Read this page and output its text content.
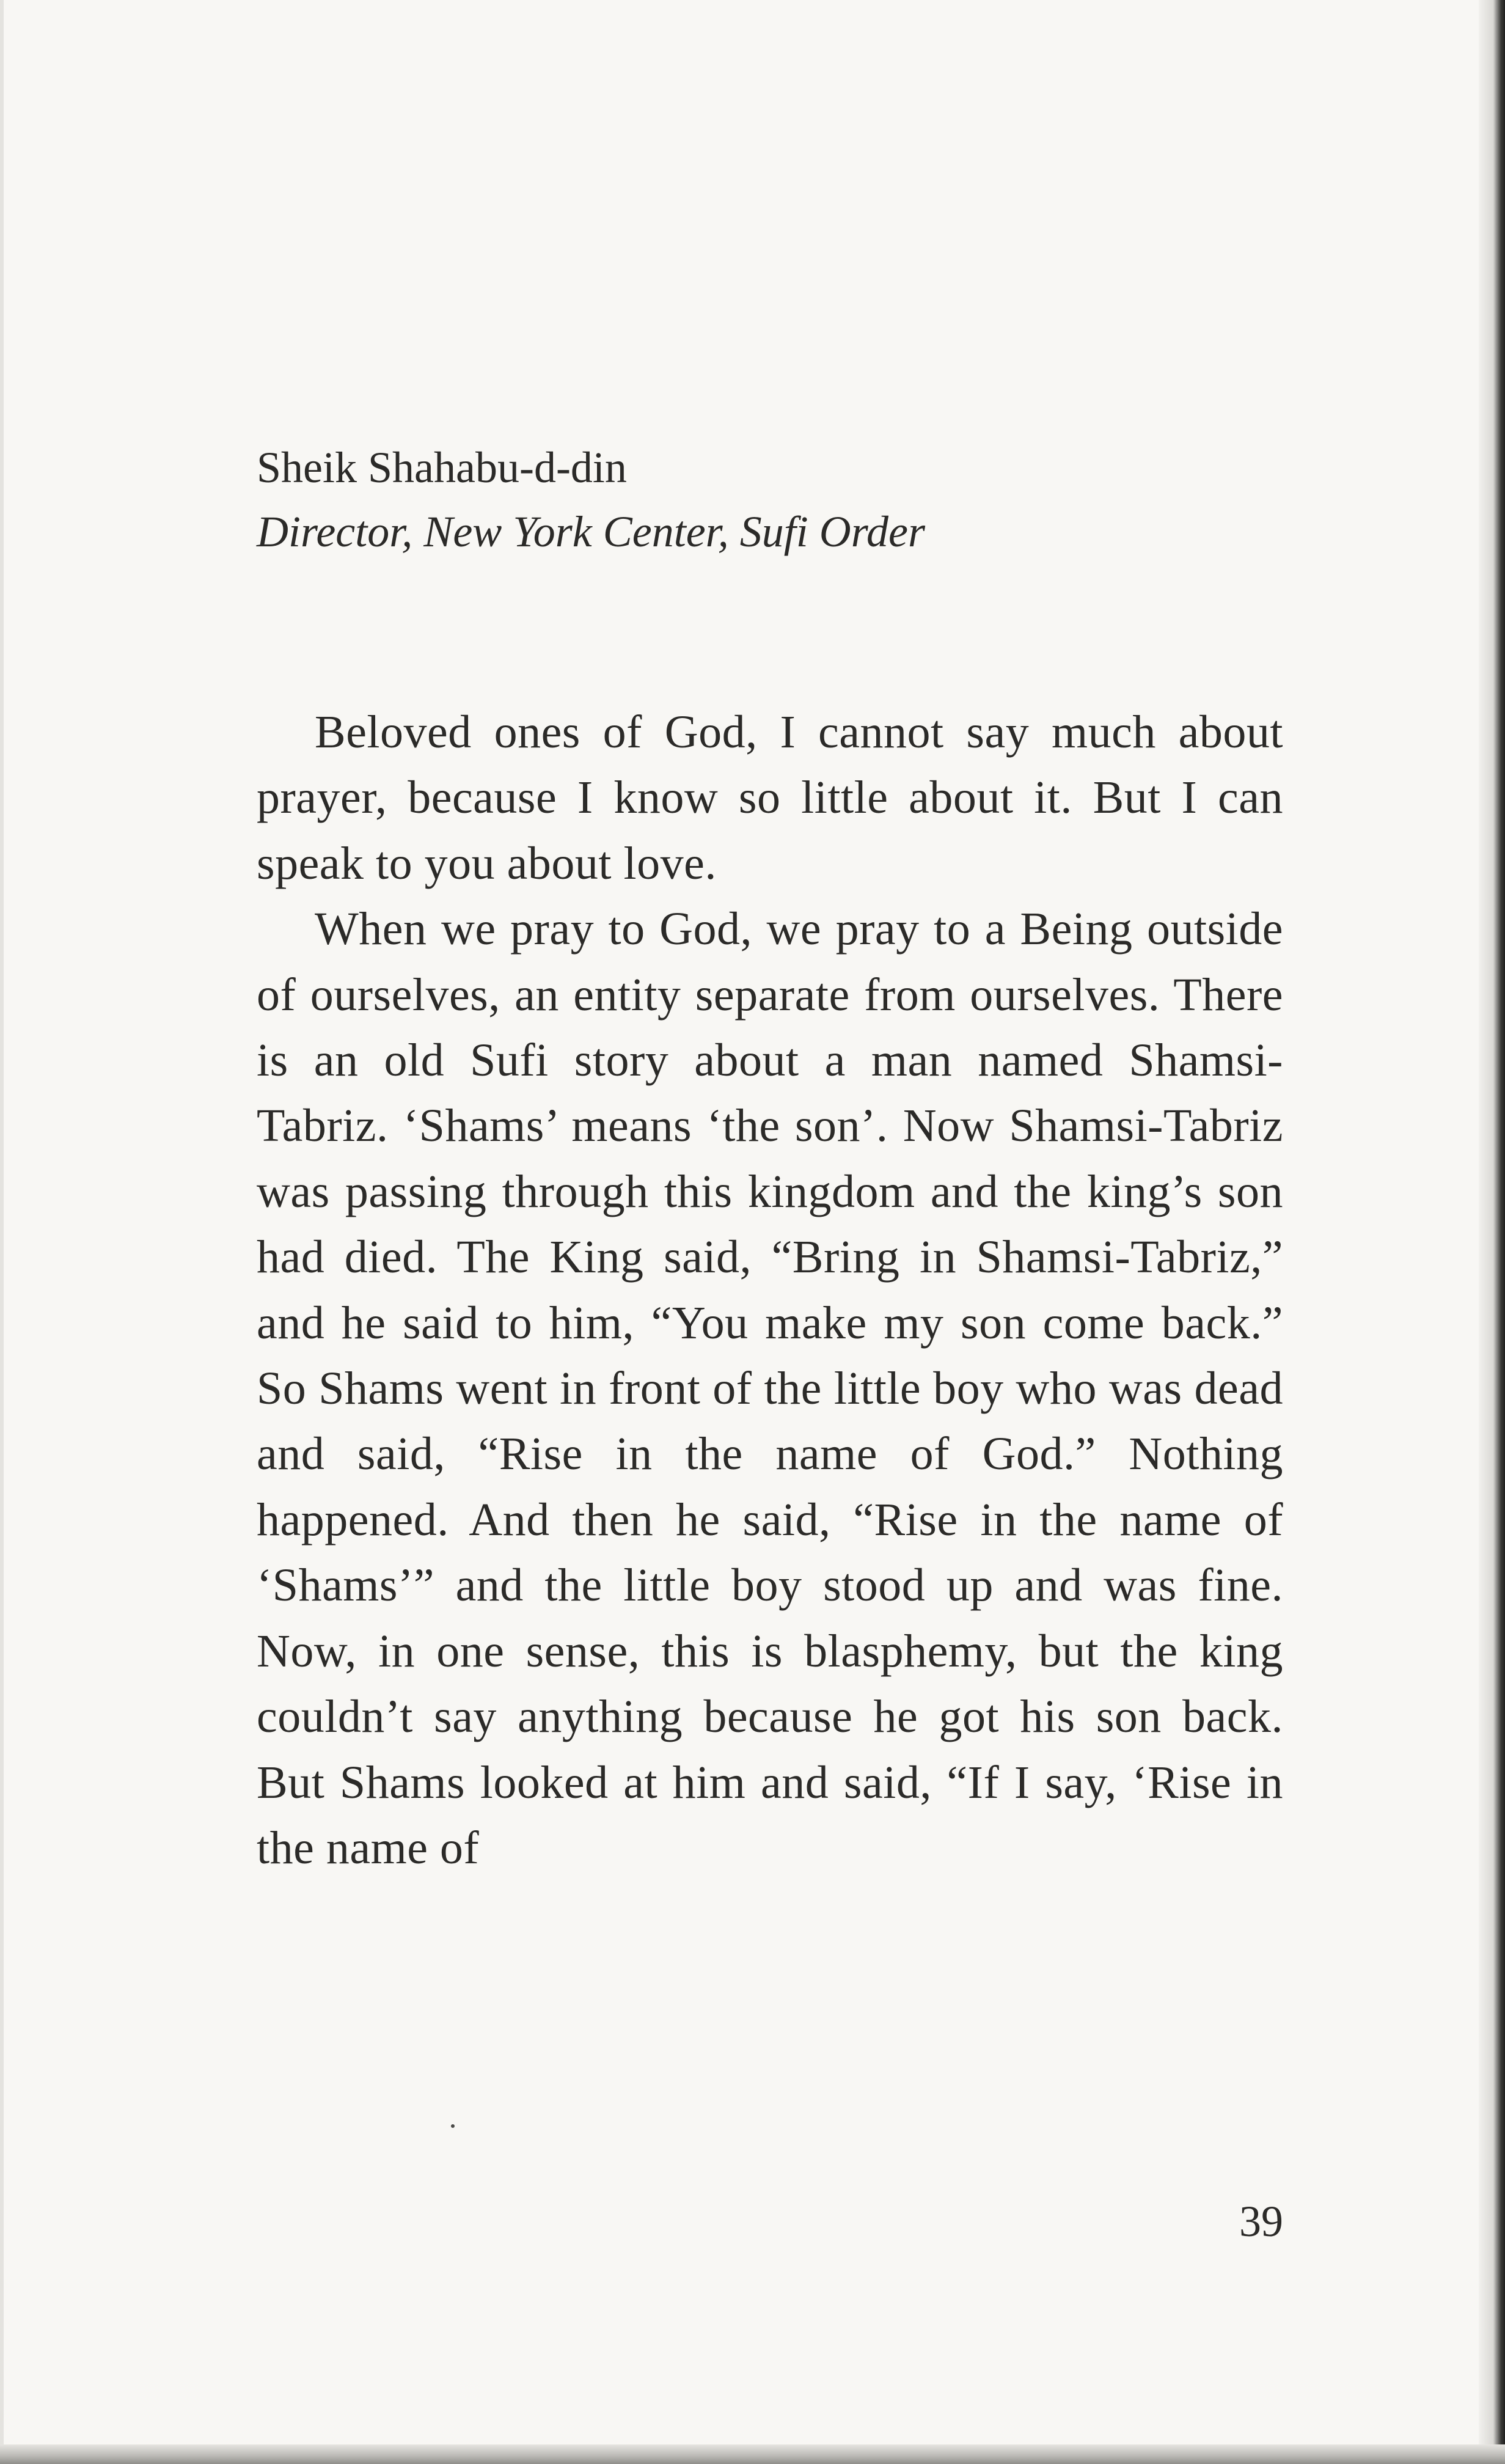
Sheik Shahabu-d-din
Director, New York Center, Sufi Order

Beloved ones of God, I cannot say much about prayer, because I know so little about it. But I can speak to you about love.

When we pray to God, we pray to a Being outside of ourselves, an entity separate from ourselves. There is an old Sufi story about a man named Shamsi-Tabriz. ‘Shams’ means ‘the son’. Now Shamsi-Tabriz was passing through this kingdom and the king’s son had died. The King said, “Bring in Shamsi-Tabriz,” and he said to him, “You make my son come back.” So Shams went in front of the little boy who was dead and said, “Rise in the name of God.” Nothing happened. And then he said, “Rise in the name of ‘Shams’” and the little boy stood up and was fine. Now, in one sense, this is blasphemy, but the king couldn’t say anything because he got his son back. But Shams looked at him and said, “If I say, ‘Rise in the name of

39
